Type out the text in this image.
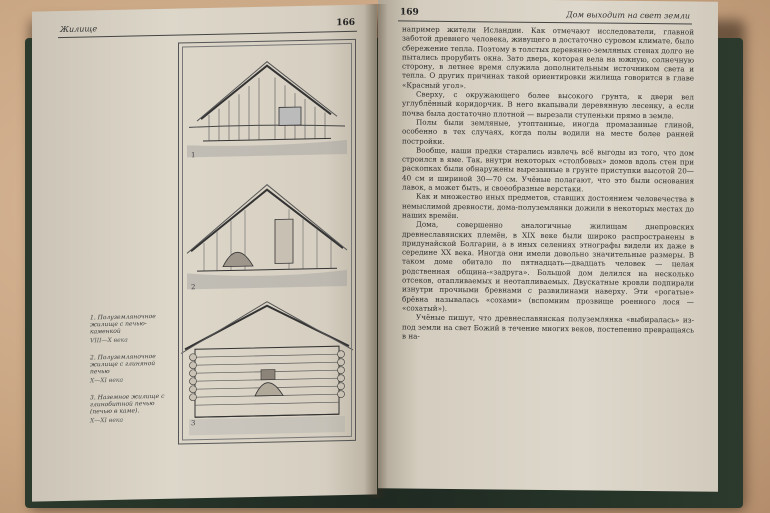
Жилище
166
1
2
3
1. Полуземляночное жилище с печью-каменкой
VIII—X века
2. Полуземляночное жилище с глиняной печью
X—XI века
3. Наземное жилище с глинобитной печью (печью в каме).
X—XI века
169	Дом выходит на свет земли

например жители Исландии. Как отмечают исследователи, главной заботой древнего человека, живущего в достаточно суровом климате, было сбережение тепла. Поэтому в толстых деревянно-земляных стенах долго не пытались прорубить окна. Зато дверь, которая вела на южную, солнечную сторону, в летнее время служила дополнительным источником света и тепла. О других причинах такой ориентировки жилища говорится в главе «Красный угол».

Сверху, с окружающего более высокого грунта, к двери вел углублённый коридорчик. В него вкапывали деревянную лесенку, а если почва была достаточно плотной — вырезали ступеньки прямо в земле.

Полы были земляные, утоптанные, иногда промазанные глиной, особенно в тех случаях, когда полы водили на месте более ранней постройки.

Вообще, наши предки старались извлечь всё выгоды из того, что дом строился в яме. Так, внутри некоторых «столбовых» домов вдоль стен при раскопках были обнаружены вырезанные в грунте приступки высотой 20—40 см и шириной 30—70 см. Учёные полагают, что это были основания лавок, а может быть, и своеобразные верстаки.

Как и множество иных предметов, ставших достоянием человечества в немыслимой древности, дома-полуземлянки дожили в некоторых местах до наших времён.

Дома, совершенно аналогичные жилищам днепровских древнеславянских племён, в XIX веке были широко распространены в придунайской Болгарии, а в иных селениях этнографы видели их даже в середине XX века. Иногда они имели довольно значительные размеры. В таком доме обитало по пятнадцать—двадцать человек — целая родственная община-«задруга». Большой дом делился на несколько отсеков, отапливаемых и неотапливаемых. Двускатные кровли подпирали изнутри прочными бревнами с развилинами наверху. Эти «рогатые» брёвна называлась «сохами» (вспомним прозвище роенного лося — «сохатый»).

Учёные пишут, что древнеславянская полуземлянка «выбиралась» из-под земли на свет Божий в течение многих веков, постепенно превращаясь в на-
